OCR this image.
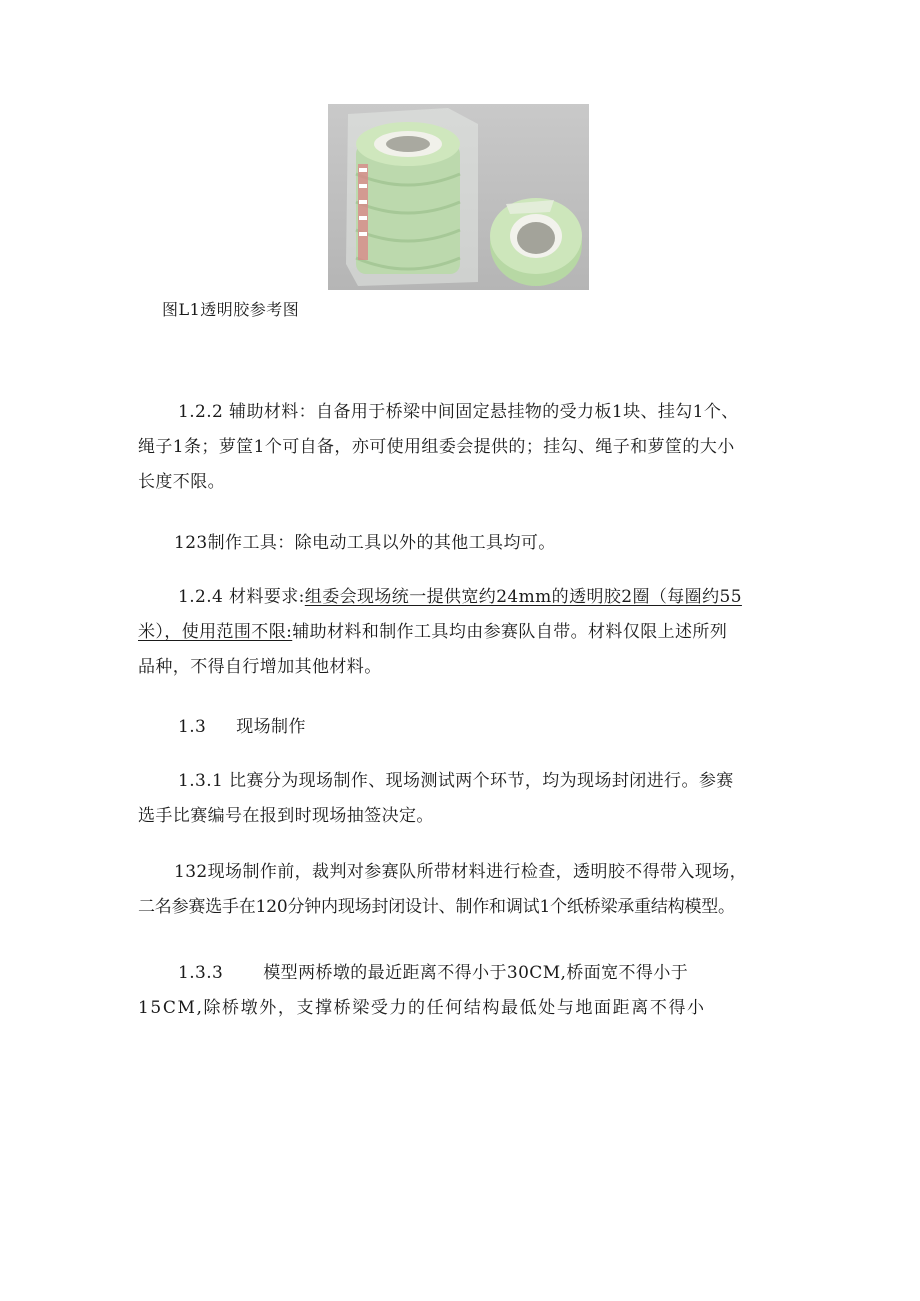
图L1透明胶参考图
1.2.2 辅助材料：自备用于桥梁中间固定悬挂物的受力板1块、挂勾1个、
绳子1条；萝筐1个可自备，亦可使用组委会提供的；挂勾、绳子和萝筐的大小
长度不限。
123制作工具：除电动工具以外的其他工具均可。
1.2.4 材料要求:组委会现场统一提供宽约24mm的透明胶2圈（每圈约55
米），使用范围不限:辅助材料和制作工具均由参赛队自带。材料仅限上述所列
品种，不得自行增加其他材料。
1.3 现场制作
1.3.1 比赛分为现场制作、现场测试两个环节，均为现场封闭进行。参赛
选手比赛编号在报到时现场抽签决定。
132现场制作前，裁判对参赛队所带材料进行检查，透明胶不得带入现场，
二名参赛选手在120分钟内现场封闭设计、制作和调试1个纸桥梁承重结构模型。
1.3.3 模型两桥墩的最近距离不得小于30CM,桥面宽不得小于
15CM,除桥墩外，支撑桥梁受力的任何结构最低处与地面距离不得小
